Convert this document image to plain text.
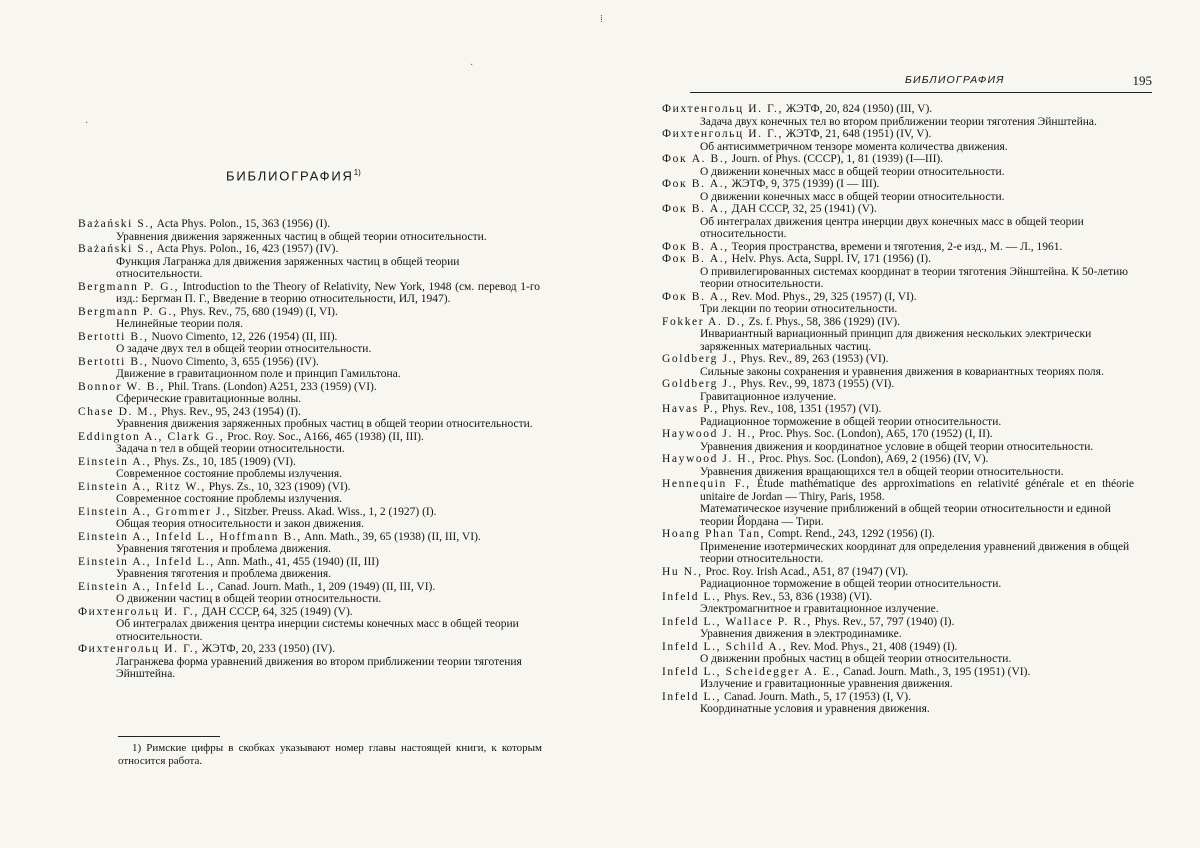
БИБЛИОГРАФИЯ$^{1)}$

Bażański S., Acta Phys. Polon., 15, 363 (1956) (I).

Уравнения движения заряженных частиц в общей теории относительности.

Bażański S., Acta Phys. Polon., 16, 423 (1957) (IV).

Функция Лагранжа для движения заряженных частиц в общей теории относительности.

Bergmann P. G., Introduction to the Theory of Relativity, New York, 1948 (см. перевод 1-го изд.: Бергман П. Г., Введение в теорию относительности, ИЛ, 1947).

Bergmann P. G., Phys. Rev., 75, 680 (1949) (I, VI).

Нелинейные теории поля.

Bertotti B., Nuovo Cimento, 12, 226 (1954) (II, III).

О задаче двух тел в общей теории относительности.

Bertotti B., Nuovo Cimento, 3, 655 (1956) (IV).

Движение в гравитационном поле и принцип Гамильтона.

Bonnor W. B., Phil. Trans. (London) A251, 233 (1959) (VI).

Сферические гравитационные волны.

Chase D. M., Phys. Rev., 95, 243 (1954) (I).

Уравнения движения заряженных пробных частиц в общей теории относительности.

Eddington A., Clark G., Proc. Roy. Soc., A166, 465 (1938) (II, III).

Задача n тел в общей теории относительности.

Einstein A., Phys. Zs., 10, 185 (1909) (VI).

Современное состояние проблемы излучения.

Einstein A., Ritz W., Phys. Zs., 10, 323 (1909) (VI).

Современное состояние проблемы излучения.

Einstein A., Grommer J., Sitzber. Preuss. Akad. Wiss., 1, 2 (1927) (I).

Общая теория относительности и закон движения.

Einstein A., Infeld L., Hoffmann B., Ann. Math., 39, 65 (1938) (II, III, VI).

Уравнения тяготения и проблема движения.

Einstein A., Infeld L., Ann. Math., 41, 455 (1940) (II, III)

Уравнения тяготения и проблема движения.

Einstein A., Infeld L., Canad. Journ. Math., 1, 209 (1949) (II, III, VI).

О движении частиц в общей теории относительности.

Фихтенгольц И. Г., ДАН СССР, 64, 325 (1949) (V).

Об интегралах движения центра инерции системы конечных масс в общей теории относительности.

Фихтенгольц И. Г., ЖЭТФ, 20, 233 (1950) (IV).

Лагранжева форма уравнений движения во втором приближении теории тяготения Эйнштейна.

1) Римские цифры в скобках указывают номер главы настоящей книги, к которым относится работа.
·
·
БИБЛИОГРАФИЯ	195

Фихтенгольц И. Г., ЖЭТФ, 20, 824 (1950) (III, V).

Задача двух конечных тел во втором приближении теории тяготения Эйнштейна.

Фихтенгольц И. Г., ЖЭТФ, 21, 648 (1951) (IV, V).

Об антисимметричном тензоре момента количества движения.

Фок А. В., Journ. of Phys. (СССР), 1, 81 (1939) (I—III).

О движении конечных масс в общей теории относительности.

Фок В. А., ЖЭТФ, 9, 375 (1939) (I — III).

О движении конечных масс в общей теории относительности.

Фок В. А., ДАН СССР, 32, 25 (1941) (V).

Об интегралах движения центра инерции двух конечных масс в общей теории относительности.

Фок В. А., Теория пространства, времени и тяготения, 2-е изд., М. — Л., 1961.

Фок В. А., Helv. Phys. Acta, Suppl. IV, 171 (1956) (I).

О привилегированных системах координат в теории тяготения Эйнштейна. К 50-летию теории относительности.

Фок В. А., Rev. Mod. Phys., 29, 325 (1957) (I, VI).

Три лекции по теории относительности.

Fokker A. D., Zs. f. Phys., 58, 386 (1929) (IV).

Инвариантный вариационный принцип для движения нескольких электрически заряженных материальных частиц.

Goldberg J., Phys. Rev., 89, 263 (1953) (VI).

Сильные законы сохранения и уравнения движения в ковариантных теориях поля.

Goldberg J., Phys. Rev., 99, 1873 (1955) (VI).

Гравитационное излучение.

Havas P., Phys. Rev., 108, 1351 (1957) (VI).

Радиационное торможение в общей теории относительности.

Haywood J. H., Proc. Phys. Soc. (London), A65, 170 (1952) (I, II).

Уравнения движения и координатное условие в общей теории относительности.

Haywood J. H., Proc. Phys. Soc. (London), A69, 2 (1956) (IV, V).

Уравнения движения вращающихся тел в общей теории относительности.

Hennequin F., Étude mathématique des approximations en relativité générale et en théorie unitaire de Jordan — Thiry, Paris, 1958.

Математическое изучение приближений в общей теории относительности и единой теории Йордана — Тири.

Hoang Phan Tan, Compt. Rend., 243, 1292 (1956) (I).

Применение изотермических координат для определения уравнений движения в общей теории относительности.

Hu N., Proc. Roy. Irish Acad., A51, 87 (1947) (VI).

Радиационное торможение в общей теории относительности.

Infeld L., Phys. Rev., 53, 836 (1938) (VI).

Электромагнитное и гравитационное излучение.

Infeld L., Wallace P. R., Phys. Rev., 57, 797 (1940) (I).

Уравнения движения в электродинамике.

Infeld L., Schild A., Rev. Mod. Phys., 21, 408 (1949) (I).

О движении пробных частиц в общей теории относительности.

Infeld L., Scheidegger A. E., Canad. Journ. Math., 3, 195 (1951) (VI).

Излучение и гравитационные уравнения движения.

Infeld L., Canad. Journ. Math., 5, 17 (1953) (I, V).

Координатные условия и уравнения движения.

⁞
